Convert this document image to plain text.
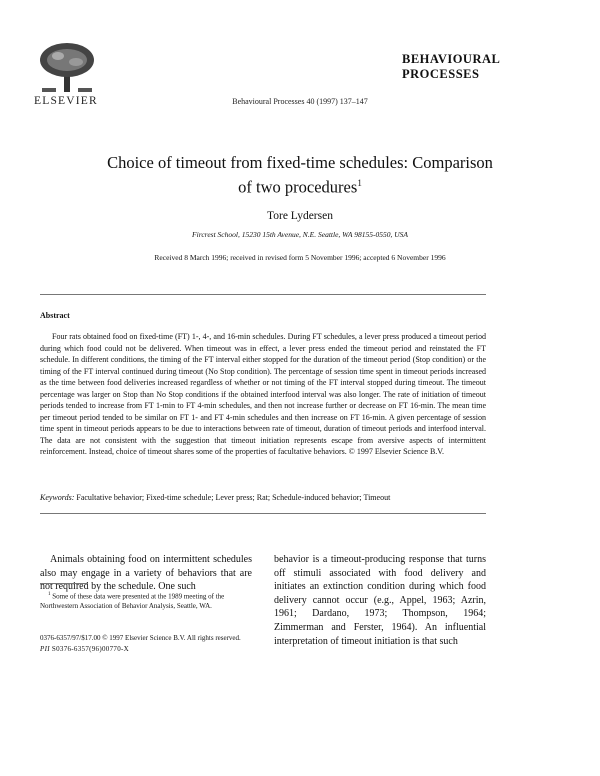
ELSEVIER	Behavioural Processes 40 (1997) 137–147
BEHAVIOURAL
PROCESSES
Choice of timeout from fixed-time schedules: Comparison
of two procedures$^1$
Tore Lydersen
Fircrest School, 15230 15th Avenue, N.E. Seattle, WA 98155-0550, USA
Received 8 March 1996; received in revised form 5 November 1996; accepted 6 November 1996
Abstract

Four rats obtained food on fixed-time (FT) 1-, 4-, and 16-min schedules. During FT schedules, a lever press produced a timeout period during which food could not be delivered. When timeout was in effect, a lever press ended the timeout period and reinstated the FT schedule. In different conditions, the timing of the FT interval either stopped for the duration of the timeout period (Stop condition) or the timing of the FT interval continued during timeout (No Stop condition). The percentage of session time spent in timeout periods increased as the time between food deliveries increased regardless of whether or not timing of the FT interval stopped during timeout. The timeout percentage was larger on Stop than No Stop conditions if the obtained interfood interval was also longer. The rate of initiation of timeout periods tended to increase from FT 1-min to FT 4-min schedules, and then not increase further or decrease on FT 16-min. The mean time per timeout period tended to be similar on FT 1- and FT 4-min schedules and then increase on FT 16-min. A given percentage of session time spent in timeout periods appears to be due to interactions between rate of timeout, duration of timeout periods and interfood interval. The data are not consistent with the suggestion that timeout initiation represents escape from aversive aspects of intermittent reinforcement. Instead, choice of timeout shares some of the properties of facultative behaviors. © 1997 Elsevier Science B.V.

Keywords: Facultative behavior; Fixed-time schedule; Lever press; Rat; Schedule-induced behavior; Timeout

Animals obtaining food on intermittent schedules also may engage in a variety of behaviors that are not required by the schedule. One such

behavior is a timeout-producing response that turns off stimuli associated with food delivery and initiates an extinction condition during which food delivery cannot occur (e.g., Appel, 1963; Azrin, 1961; Dardano, 1973; Thompson, 1964; Zimmerman and Ferster, 1964). An influential interpretation of timeout initiation is that such

$^1$ Some of these data were presented at the 1989 meeting of the Northwestern Association of Behavior Analysis, Seattle, WA.

0376-6357/97/$17.00 © 1997 Elsevier Science B.V. All rights reserved.
PII S0376-6357(96)00770-X
